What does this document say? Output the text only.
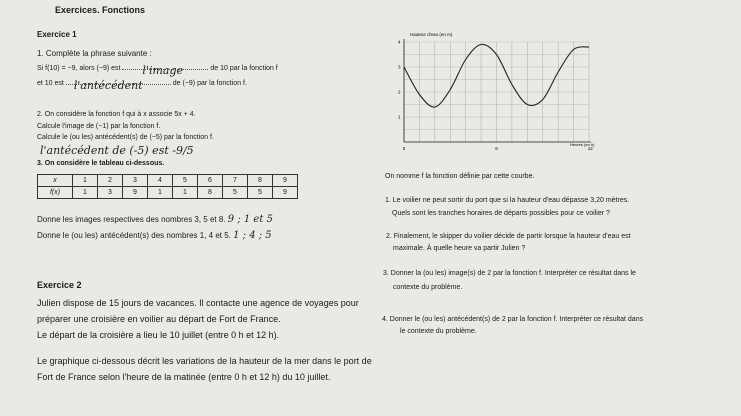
Exercices. Fonctions
Exercice 1
1. Complète la phrase suivante :
Si f(10) = −9, alors (−9) est l'image	de 10 par la fonction f
et 10 est l'antécédent	de (−9) par la fonction f.
2. On considère la fonction f qui à x associe 5x + 4.
Calcule l'image de (−1) par la fonction f.
Calcule le (ou les) antécédent(s) de (−5) par la fonction f.
l'antécédent de (-5) est -9/5
3. On considère le tableau ci-dessous.
x	1	2	3	4	5	6	7	8	9
f(x)	1	3	9	1	1	8	5	5	9
Donne les images respectives des nombres 3, 5 et 8. 9 ; 1 et 5
Donne le (ou les) antécédent(s) des nombres 1, 4 et 5. 1 ; 4 ; 5
Exercice 2
Julien dispose de 15 jours de vacances. Il contacte une agence de voyages pour
préparer une croisière en voilier au départ de Fort de France.
Le départ de la croisière a lieu le 10 juillet (entre 0 h et 12 h).
Le graphique ci-dessous décrit les variations de la hauteur de la mer dans le port de
Fort de France selon l'heure de la matinée (entre 0 h et 12 h) du 10 juillet.
1
2
3
4
0	6	12
Hauteur d'eau (en m)
Heures (en h)
On nomme f la fonction définie par cette courbe.
1. Le voilier ne peut sortir du port que si la hauteur d'eau dépasse 3,20 mètres.
Quels sont les tranches horaires de départs possibles pour ce voilier ?
2. Finalement, le skipper du voilier décide de partir lorsque la hauteur d'eau est
maximale. À quelle heure va partir Julien ?
3. Donner la (ou les) image(s) de 2 par la fonction f. Interpréter ce résultat dans le
contexte du problème.
4. Donner le (ou les) antécédent(s) de 2 par la fonction f. Interpréter ce résultat dans
le contexte du problème.
